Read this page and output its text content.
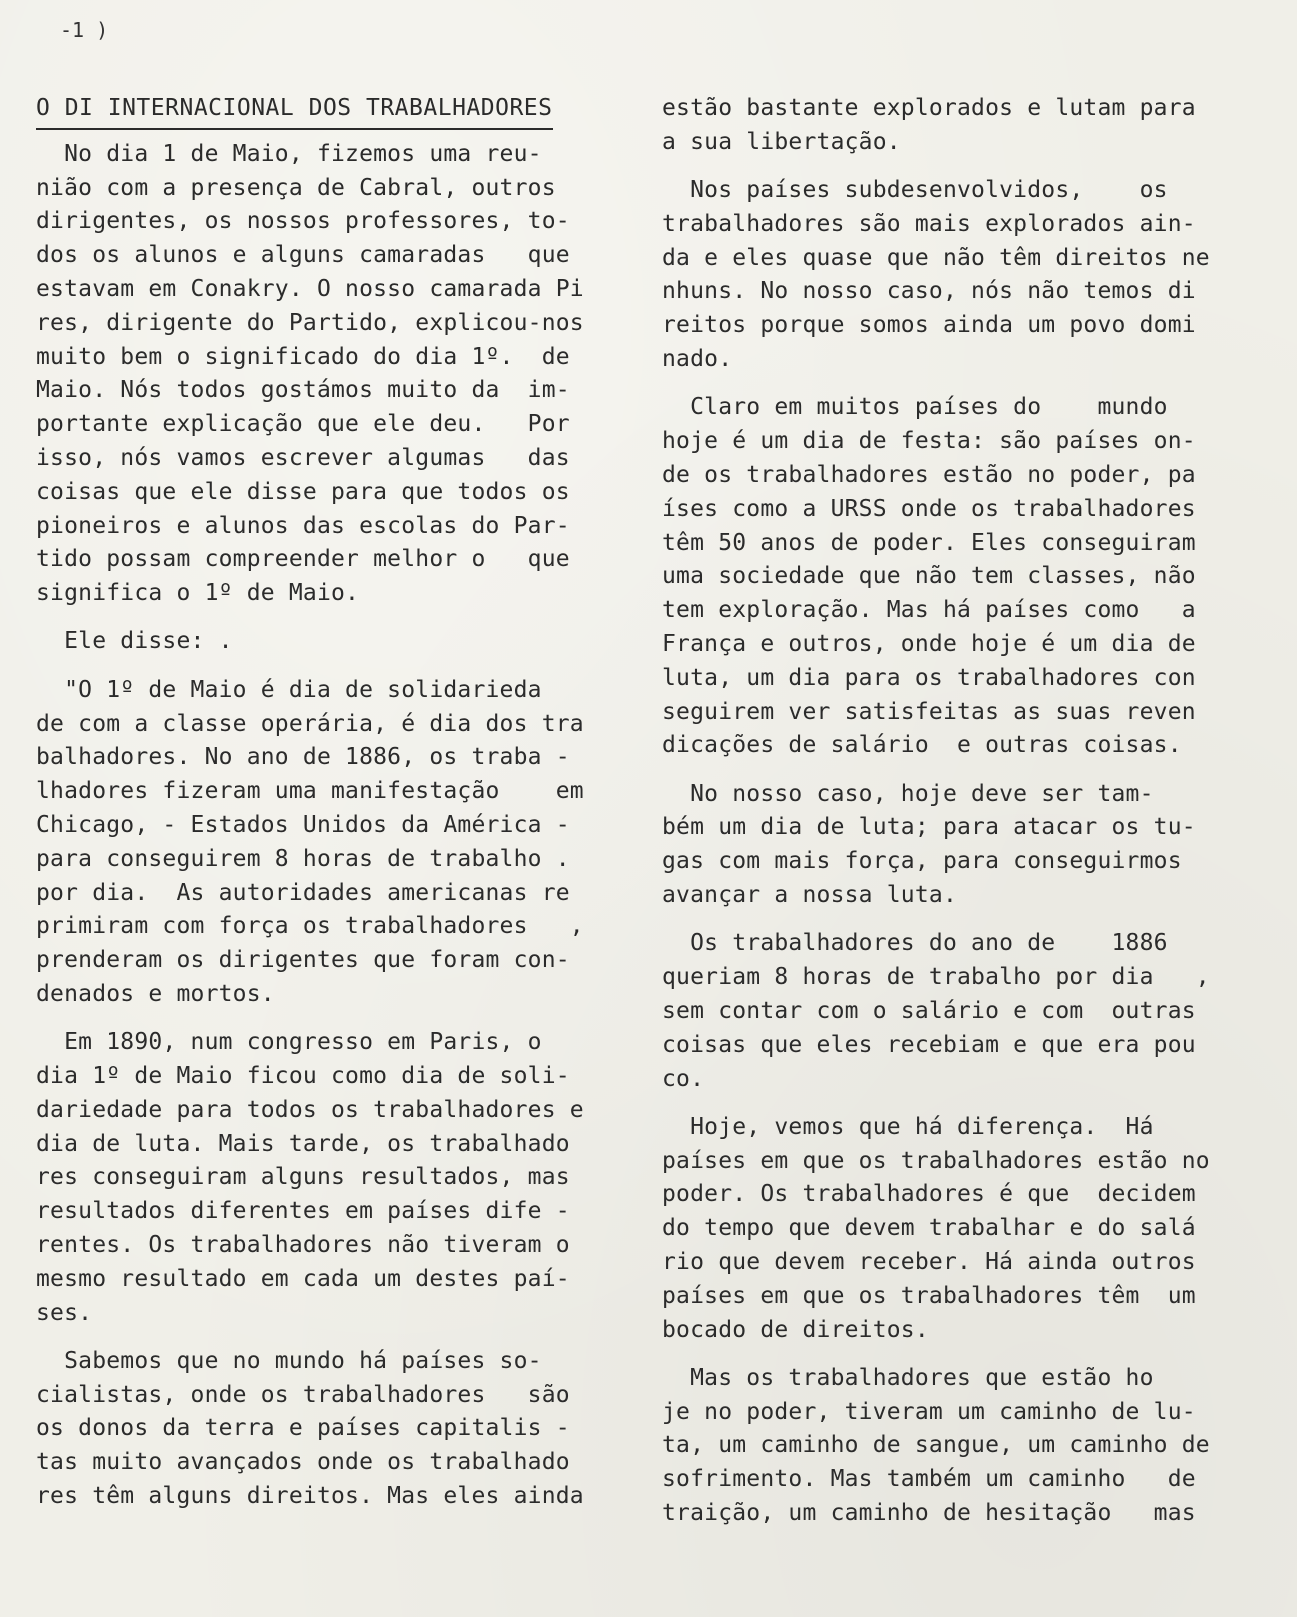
-1 )
O DI INTERNACIONAL DOS TRABALHADORES
No dia 1 de Maio, fizemos uma reu-
nião com a presença de Cabral, outros
dirigentes, os nossos professores, to-
dos os alunos e alguns camaradas   que
estavam em Conakry. O nosso camarada Pi
res, dirigente do Partido, explicou-nos
muito bem o significado do dia 1º.  de
Maio. Nós todos gostámos muito da  im-
portante explicação que ele deu.   Por
isso, nós vamos escrever algumas   das
coisas que ele disse para que todos os
pioneiros e alunos das escolas do Par-
tido possam compreender melhor o   que
significa o 1º de Maio.
Ele disse: .
"O 1º de Maio é dia de solidarieda
de com a classe operária, é dia dos tra
balhadores. No ano de 1886, os traba -
lhadores fizeram uma manifestação    em
Chicago, - Estados Unidos da América -
para conseguirem 8 horas de trabalho .
por dia.  As autoridades americanas re
primiram com força os trabalhadores   ,
prenderam os dirigentes que foram con-
denados e mortos.
Em 1890, num congresso em Paris, o
dia 1º de Maio ficou como dia de soli-
dariedade para todos os trabalhadores e
dia de luta. Mais tarde, os trabalhado
res conseguiram alguns resultados, mas
resultados diferentes em países dife -
rentes. Os trabalhadores não tiveram o
mesmo resultado em cada um destes paí-
ses.
Sabemos que no mundo há países so-
cialistas, onde os trabalhadores   são
os donos da terra e países capitalis -
tas muito avançados onde os trabalhado
res têm alguns direitos. Mas eles ainda
estão bastante explorados e lutam para
a sua libertação.
Nos países subdesenvolvidos,    os
trabalhadores são mais explorados ain-
da e eles quase que não têm direitos ne
nhuns. No nosso caso, nós não temos di
reitos porque somos ainda um povo domi
nado.
Claro em muitos países do    mundo
hoje é um dia de festa: são países on-
de os trabalhadores estão no poder, pa
íses como a URSS onde os trabalhadores
têm 50 anos de poder. Eles conseguiram
uma sociedade que não tem classes, não
tem exploração. Mas há países como   a
França e outros, onde hoje é um dia de
luta, um dia para os trabalhadores con
seguirem ver satisfeitas as suas reven
dicações de salário  e outras coisas.
No nosso caso, hoje deve ser tam-
bém um dia de luta; para atacar os tu-
gas com mais força, para conseguirmos
avançar a nossa luta.
Os trabalhadores do ano de    1886
queriam 8 horas de trabalho por dia   ,
sem contar com o salário e com  outras
coisas que eles recebiam e que era pou
co.
Hoje, vemos que há diferença.  Há
países em que os trabalhadores estão no
poder. Os trabalhadores é que  decidem
do tempo que devem trabalhar e do salá
rio que devem receber. Há ainda outros
países em que os trabalhadores têm  um
bocado de direitos.
Mas os trabalhadores que estão ho
je no poder, tiveram um caminho de lu-
ta, um caminho de sangue, um caminho de
sofrimento. Mas também um caminho   de
traição, um caminho de hesitação   mas
